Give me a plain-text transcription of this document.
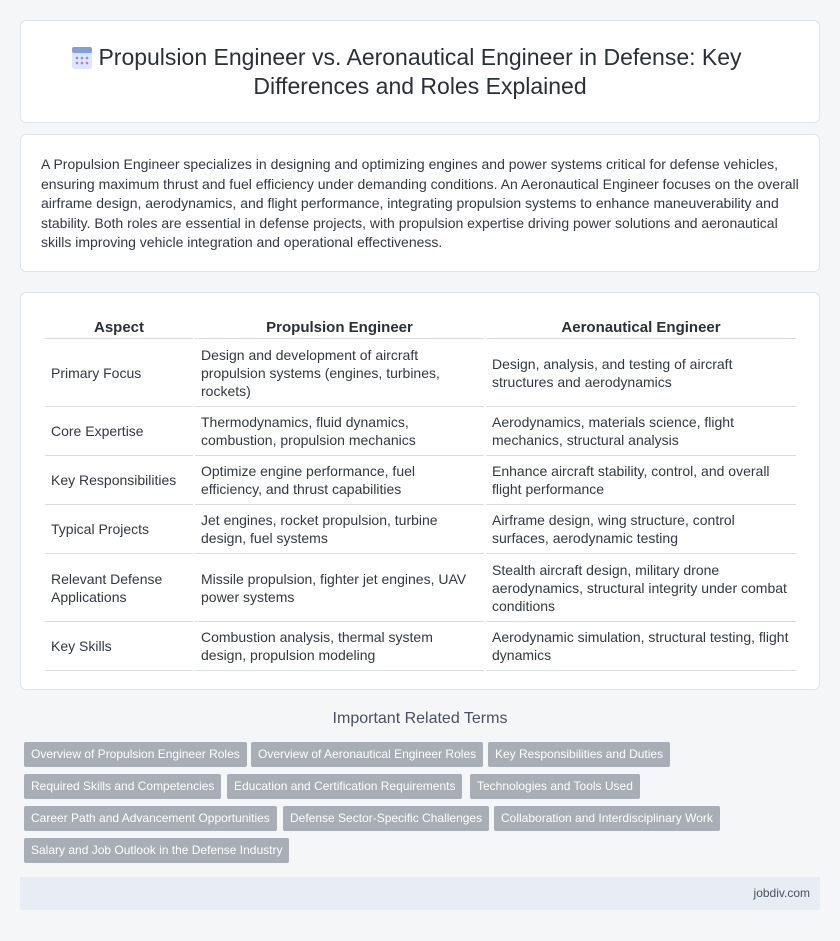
Propulsion Engineer vs. Aeronautical Engineer in Defense: Key Differences and Roles Explained

A Propulsion Engineer specializes in designing and optimizing engines and power systems critical for defense vehicles, ensuring maximum thrust and fuel efficiency under demanding conditions. An Aeronautical Engineer focuses on the overall airframe design, aerodynamics, and flight performance, integrating propulsion systems to enhance maneuverability and stability. Both roles are essential in defense projects, with propulsion expertise driving power solutions and aeronautical skills improving vehicle integration and operational effectiveness.

Aspect	Propulsion Engineer	Aeronautical Engineer
Primary Focus	Design and development of aircraft propulsion systems (engines, turbines, rockets)	Design, analysis, and testing of aircraft structures and aerodynamics
Core Expertise	Thermodynamics, fluid dynamics, combustion, propulsion mechanics	Aerodynamics, materials science, flight mechanics, structural analysis
Key Responsibilities	Optimize engine performance, fuel efficiency, and thrust capabilities	Enhance aircraft stability, control, and overall flight performance
Typical Projects	Jet engines, rocket propulsion, turbine design, fuel systems	Airframe design, wing structure, control surfaces, aerodynamic testing
Relevant Defense Applications	Missile propulsion, fighter jet engines, UAV power systems	Stealth aircraft design, military drone aerodynamics, structural integrity under combat conditions
Key Skills	Combustion analysis, thermal system design, propulsion modeling	Aerodynamic simulation, structural testing, flight dynamics
Important Related Terms
Overview of Propulsion Engineer Roles	Overview of Aeronautical Engineer Roles	Key Responsibilities and Duties
Required Skills and Competencies	Education and Certification Requirements	Technologies and Tools Used
Career Path and Advancement Opportunities	Defense Sector-Specific Challenges	Collaboration and Interdisciplinary Work
Salary and Job Outlook in the Defense Industry
jobdiv.com
